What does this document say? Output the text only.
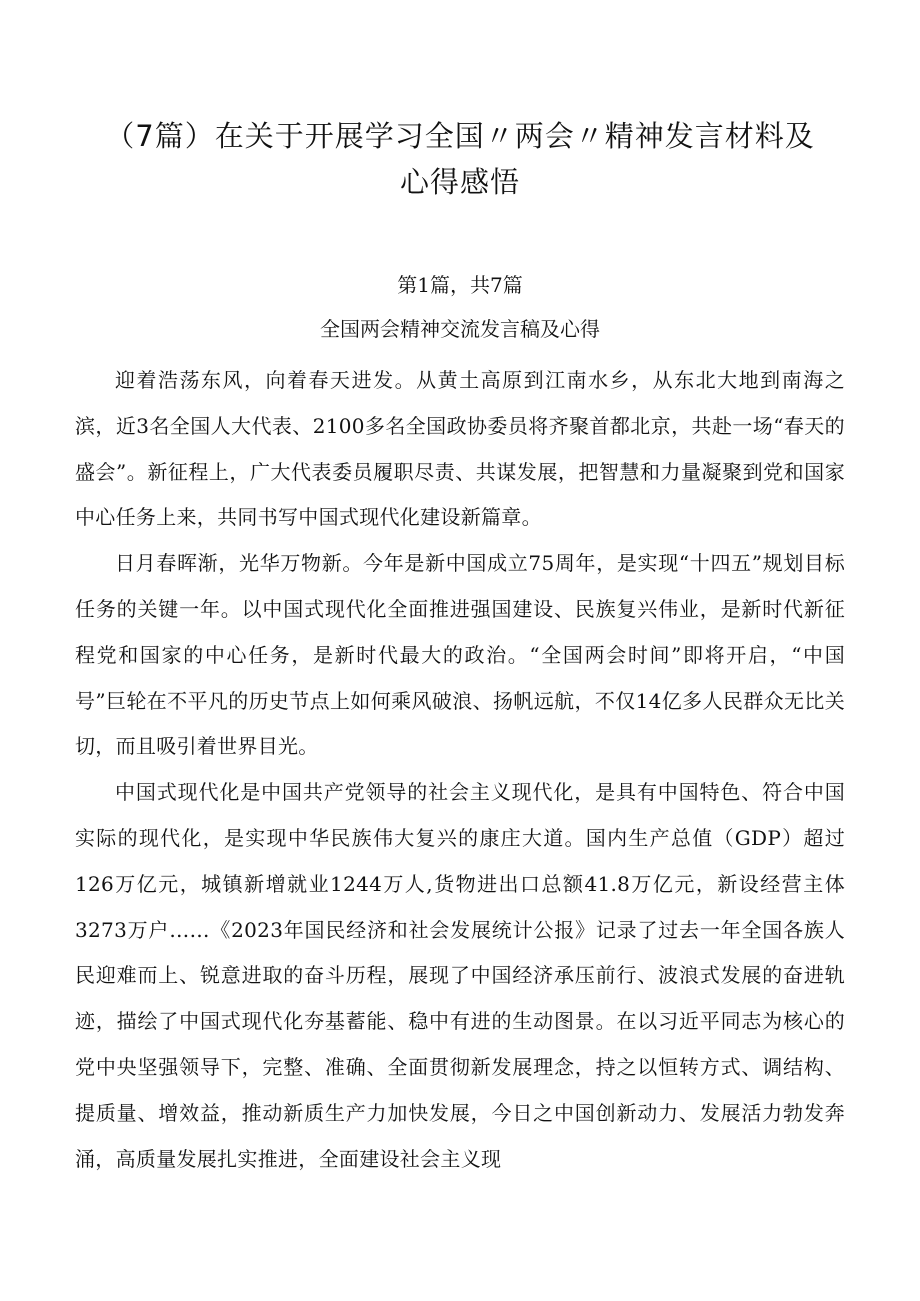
（7篇）在关于开展学习全国〃两会〃精神发言材料及
心得感悟
第1篇，共7篇
全国两会精神交流发言稿及心得

迎着浩荡东风，向着春天进发。从黄土高原到江南水乡，从东北大地到南海之滨，近3名全国人大代表、2100多名全国政协委员将齐聚首都北京，共赴一场“春天的盛会”。新征程上，广大代表委员履职尽责、共谋发展，把智慧和力量凝聚到党和国家中心任务上来，共同书写中国式现代化建设新篇章。

日月春晖渐，光华万物新。今年是新中国成立75周年，是实现“十四五”规划目标任务的关键一年。以中国式现代化全面推进强国建设、民族复兴伟业，是新时代新征程党和国家的中心任务，是新时代最大的政治。“全国两会时间”即将开启，“中国号”巨轮在不平凡的历史节点上如何乘风破浪、扬帆远航，不仅14亿多人民群众无比关切，而且吸引着世界目光。

中国式现代化是中国共产党领导的社会主义现代化，是具有中国特色、符合中国实际的现代化，是实现中华民族伟大复兴的康庄大道。国内生产总值（GDP）超过126万亿元，城镇新增就业1244万人,货物进出口总额41.8万亿元，新设经营主体3273万户……《2023年国民经济和社会发展统计公报》记录了过去一年全国各族人民迎难而上、锐意进取的奋斗历程，展现了中国经济承压前行、波浪式发展的奋进轨迹，描绘了中国式现代化夯基蓄能、稳中有进的生动图景。在以习近平同志为核心的党中央坚强领导下，完整、准确、全面贯彻新发展理念，持之以恒转方式、调结构、提质量、增效益，推动新质生产力加快发展，今日之中国创新动力、发展活力勃发奔涌，高质量发展扎实推进，全面建设社会主义现
